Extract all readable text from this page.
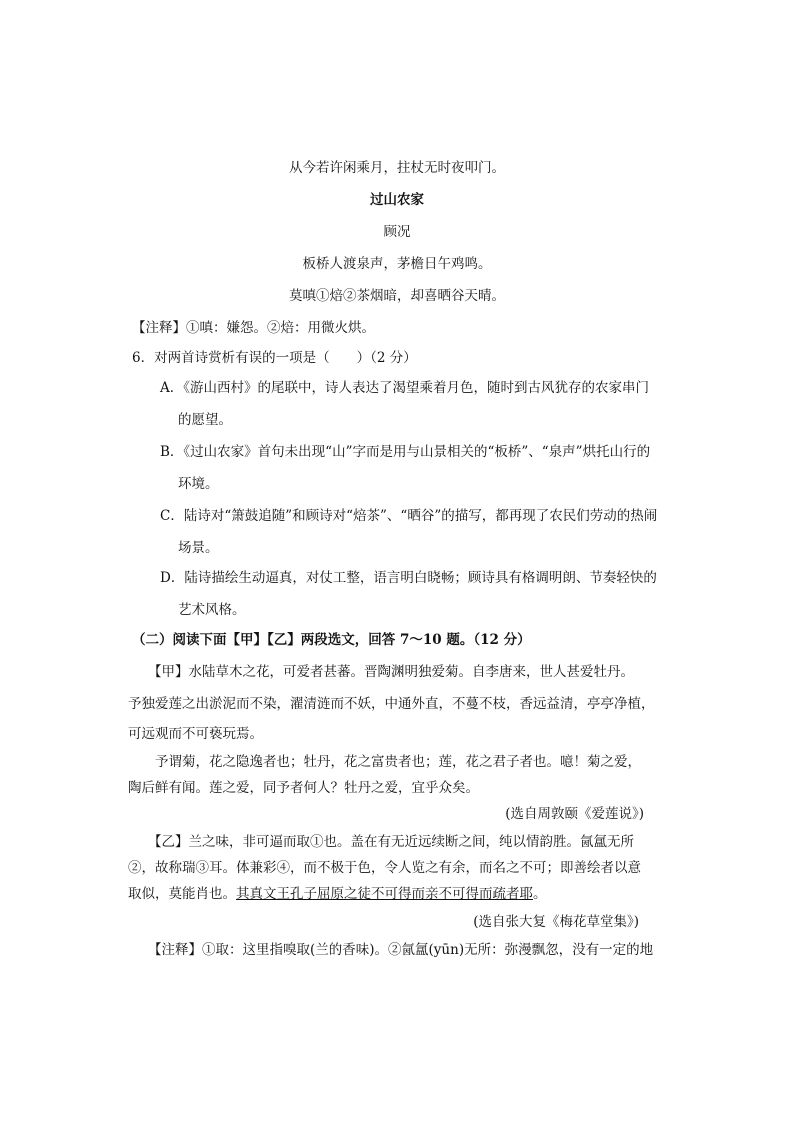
从今若许闲乘月，拄杖无时夜叩门。
过山农家
顾况
板桥人渡泉声，茅檐日午鸡鸣。
莫嗔①焙②茶烟暗，却喜晒谷天晴。
【注释】①嗔：嫌怨。②焙：用微火烘。
6．对两首诗赏析有误的一项是（　　）（2 分）
A．《游山西村》的尾联中，诗人表达了渴望乘着月色，随时到古风犹存的农家串门
的愿望。
B．《过山农家》首句未出现“山”字而是用与山景相关的“板桥”、“泉声”烘托山行的
环境。
C．陆诗对“箫鼓追随”和顾诗对“焙茶”、“晒谷”的描写，都再现了农民们劳动的热闹
场景。
D．陆诗描绘生动逼真，对仗工整，语言明白晓畅；顾诗具有格调明朗、节奏轻快的
艺术风格。
（二）阅读下面【甲】【乙】两段选文，回答 7～10 题。（12 分）
【甲】水陆草木之花，可爱者甚蕃。晋陶渊明独爱菊。自李唐来，世人甚爱牡丹。
予独爱莲之出淤泥而不染，濯清涟而不妖，中通外直，不蔓不枝，香远益清，亭亭净植，
可远观而不可亵玩焉。
予谓菊，花之隐逸者也；牡丹，花之富贵者也；莲，花之君子者也。噫！菊之爱，
陶后鲜有闻。莲之爱，同予者何人？牡丹之爱，宜乎众矣。
(选自周敦颐《爱莲说》)
【乙】兰之味，非可逼而取①也。盖在有无近远续断之间，纯以情韵胜。氤氲无所
②，故称瑞③耳。体兼彩④，而不极于色，令人览之有余，而名之不可；即善绘者以意
取似，莫能肖也。其真文王孔子屈原之徒不可得而亲不可得而疏者耶。
(选自张大复《梅花草堂集》)
【注释】①取：这里指嗅取(兰的香味)。②氤氲(yūn)无所：弥漫飘忽，没有一定的地
